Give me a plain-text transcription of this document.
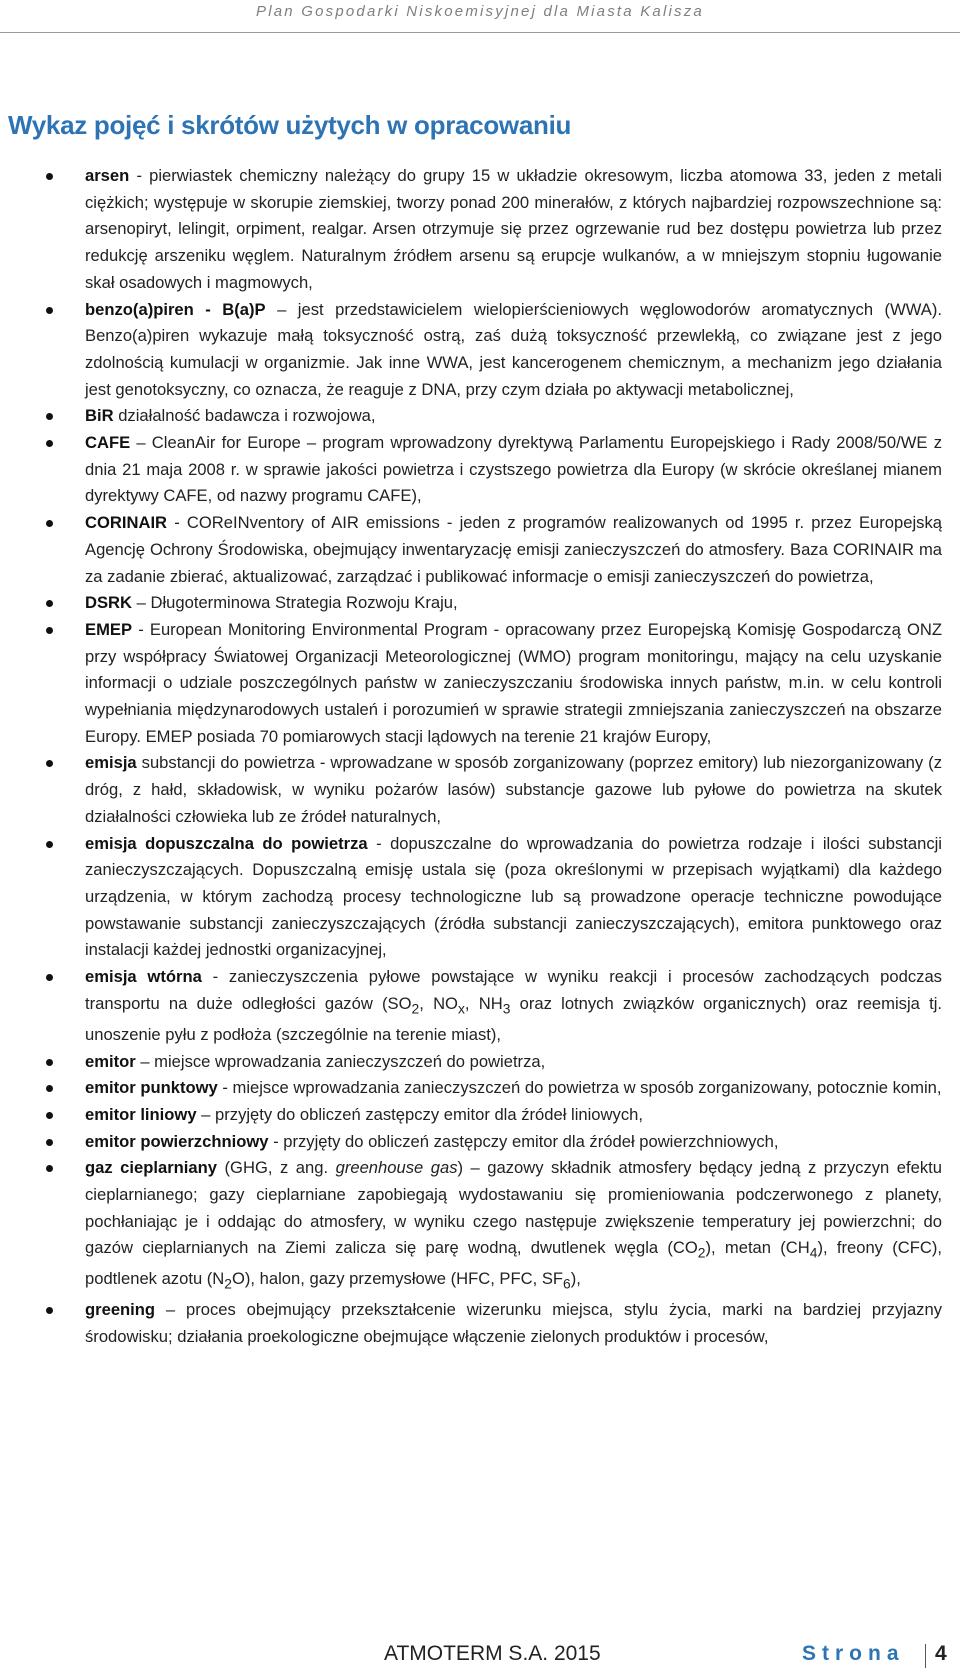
Plan Gospodarki Niskoemisyjnej dla Miasta Kalisza
Wykaz pojęć i skrótów użytych w opracowaniu
arsen - pierwiastek chemiczny należący do grupy 15 w układzie okresowym, liczba atomowa 33, jeden z metali ciężkich; występuje w skorupie ziemskiej, tworzy ponad 200 minerałów, z których najbardziej rozpowszechnione są: arsenopiryt, lelingit, orpiment, realgar. Arsen otrzymuje się przez ogrzewanie rud bez dostępu powietrza lub przez redukcję arszeniku węglem. Naturalnym źródłem arsenu są erupcje wulkanów, a w mniejszym stopniu ługowanie skał osadowych i magmowych,
benzo(a)piren - B(a)P – jest przedstawicielem wielopierścieniowych węglowodorów aromatycznych (WWA). Benzo(a)piren wykazuje małą toksyczność ostrą, zaś dużą toksyczność przewlekłą, co związane jest z jego zdolnością kumulacji w organizmie. Jak inne WWA, jest kancerogenem chemicznym, a mechanizm jego działania jest genotoksyczny, co oznacza, że reaguje z DNA, przy czym działa po aktywacji metabolicznej,
BiR działalność badawcza i rozwojowa,
CAFE – CleanAir for Europe – program wprowadzony dyrektywą Parlamentu Europejskiego i Rady 2008/50/WE z dnia 21 maja 2008 r. w sprawie jakości powietrza i czystszego powietrza dla Europy (w skrócie określanej mianem dyrektywy CAFE, od nazwy programu CAFE),
CORINAIR - COReINventory of AIR emissions - jeden z programów realizowanych od 1995 r. przez Europejską Agencję Ochrony Środowiska, obejmujący inwentaryzację emisji zanieczyszczeń do atmosfery. Baza CORINAIR ma za zadanie zbierać, aktualizować, zarządzać i publikować informacje o emisji zanieczyszczeń do powietrza,
DSRK – Długoterminowa Strategia Rozwoju Kraju,
EMEP - European Monitoring Environmental Program - opracowany przez Europejską Komisję Gospodarczą ONZ przy współpracy Światowej Organizacji Meteorologicznej (WMO) program monitoringu, mający na celu uzyskanie informacji o udziale poszczególnych państw w zanieczyszczaniu środowiska innych państw, m.in. w celu kontroli wypełniania międzynarodowych ustaleń i porozumień w sprawie strategii zmniejszania zanieczyszczeń na obszarze Europy. EMEP posiada 70 pomiarowych stacji lądowych na terenie 21 krajów Europy,
emisja substancji do powietrza - wprowadzane w sposób zorganizowany (poprzez emitory) lub niezorganizowany (z dróg, z hałd, składowisk, w wyniku pożarów lasów) substancje gazowe lub pyłowe do powietrza na skutek działalności człowieka lub ze źródeł naturalnych,
emisja dopuszczalna do powietrza - dopuszczalne do wprowadzania do powietrza rodzaje i ilości substancji zanieczyszczających. Dopuszczalną emisję ustala się (poza określonymi w przepisach wyjątkami) dla każdego urządzenia, w którym zachodzą procesy technologiczne lub są prowadzone operacje techniczne powodujące powstawanie substancji zanieczyszczających (źródła substancji zanieczyszczających), emitora punktowego oraz instalacji każdej jednostki organizacyjnej,
emisja wtórna - zanieczyszczenia pyłowe powstające w wyniku reakcji i procesów zachodzących podczas transportu na duże odległości gazów ($SO_2$, $NO_x$, $NH_3$ oraz lotnych związków organicznych) oraz reemisja tj. unoszenie pyłu z podłoża (szczególnie na terenie miast),
emitor – miejsce wprowadzania zanieczyszczeń do powietrza,
emitor punktowy - miejsce wprowadzania zanieczyszczeń do powietrza w sposób zorganizowany, potocznie komin,
emitor liniowy – przyjęty do obliczeń zastępczy emitor dla źródeł liniowych,
emitor powierzchniowy - przyjęty do obliczeń zastępczy emitor dla źródeł powierzchniowych,
gaz cieplarniany (GHG, z ang. greenhouse gas) – gazowy składnik atmosfery będący jedną z przyczyn efektu cieplarnianego; gazy cieplarniane zapobiegają wydostawaniu się promieniowania podczerwonego z planety, pochłaniając je i oddając do atmosfery, w wyniku czego następuje zwiększenie temperatury jej powierzchni; do gazów cieplarnianych na Ziemi zalicza się parę wodną, dwutlenek węgla $(CO_2)$, metan $(CH_4)$, freony (CFC), podtlenek azotu $(N_2O)$, halon, gazy przemysłowe (HFC, PFC, $SF_6$),
greening – proces obejmujący przekształcenie wizerunku miejsca, stylu życia, marki na bardziej przyjazny środowisku; działania proekologiczne obejmujące włączenie zielonych produktów i procesów,
ATMOTERM S.A. 2015	Strona 4
